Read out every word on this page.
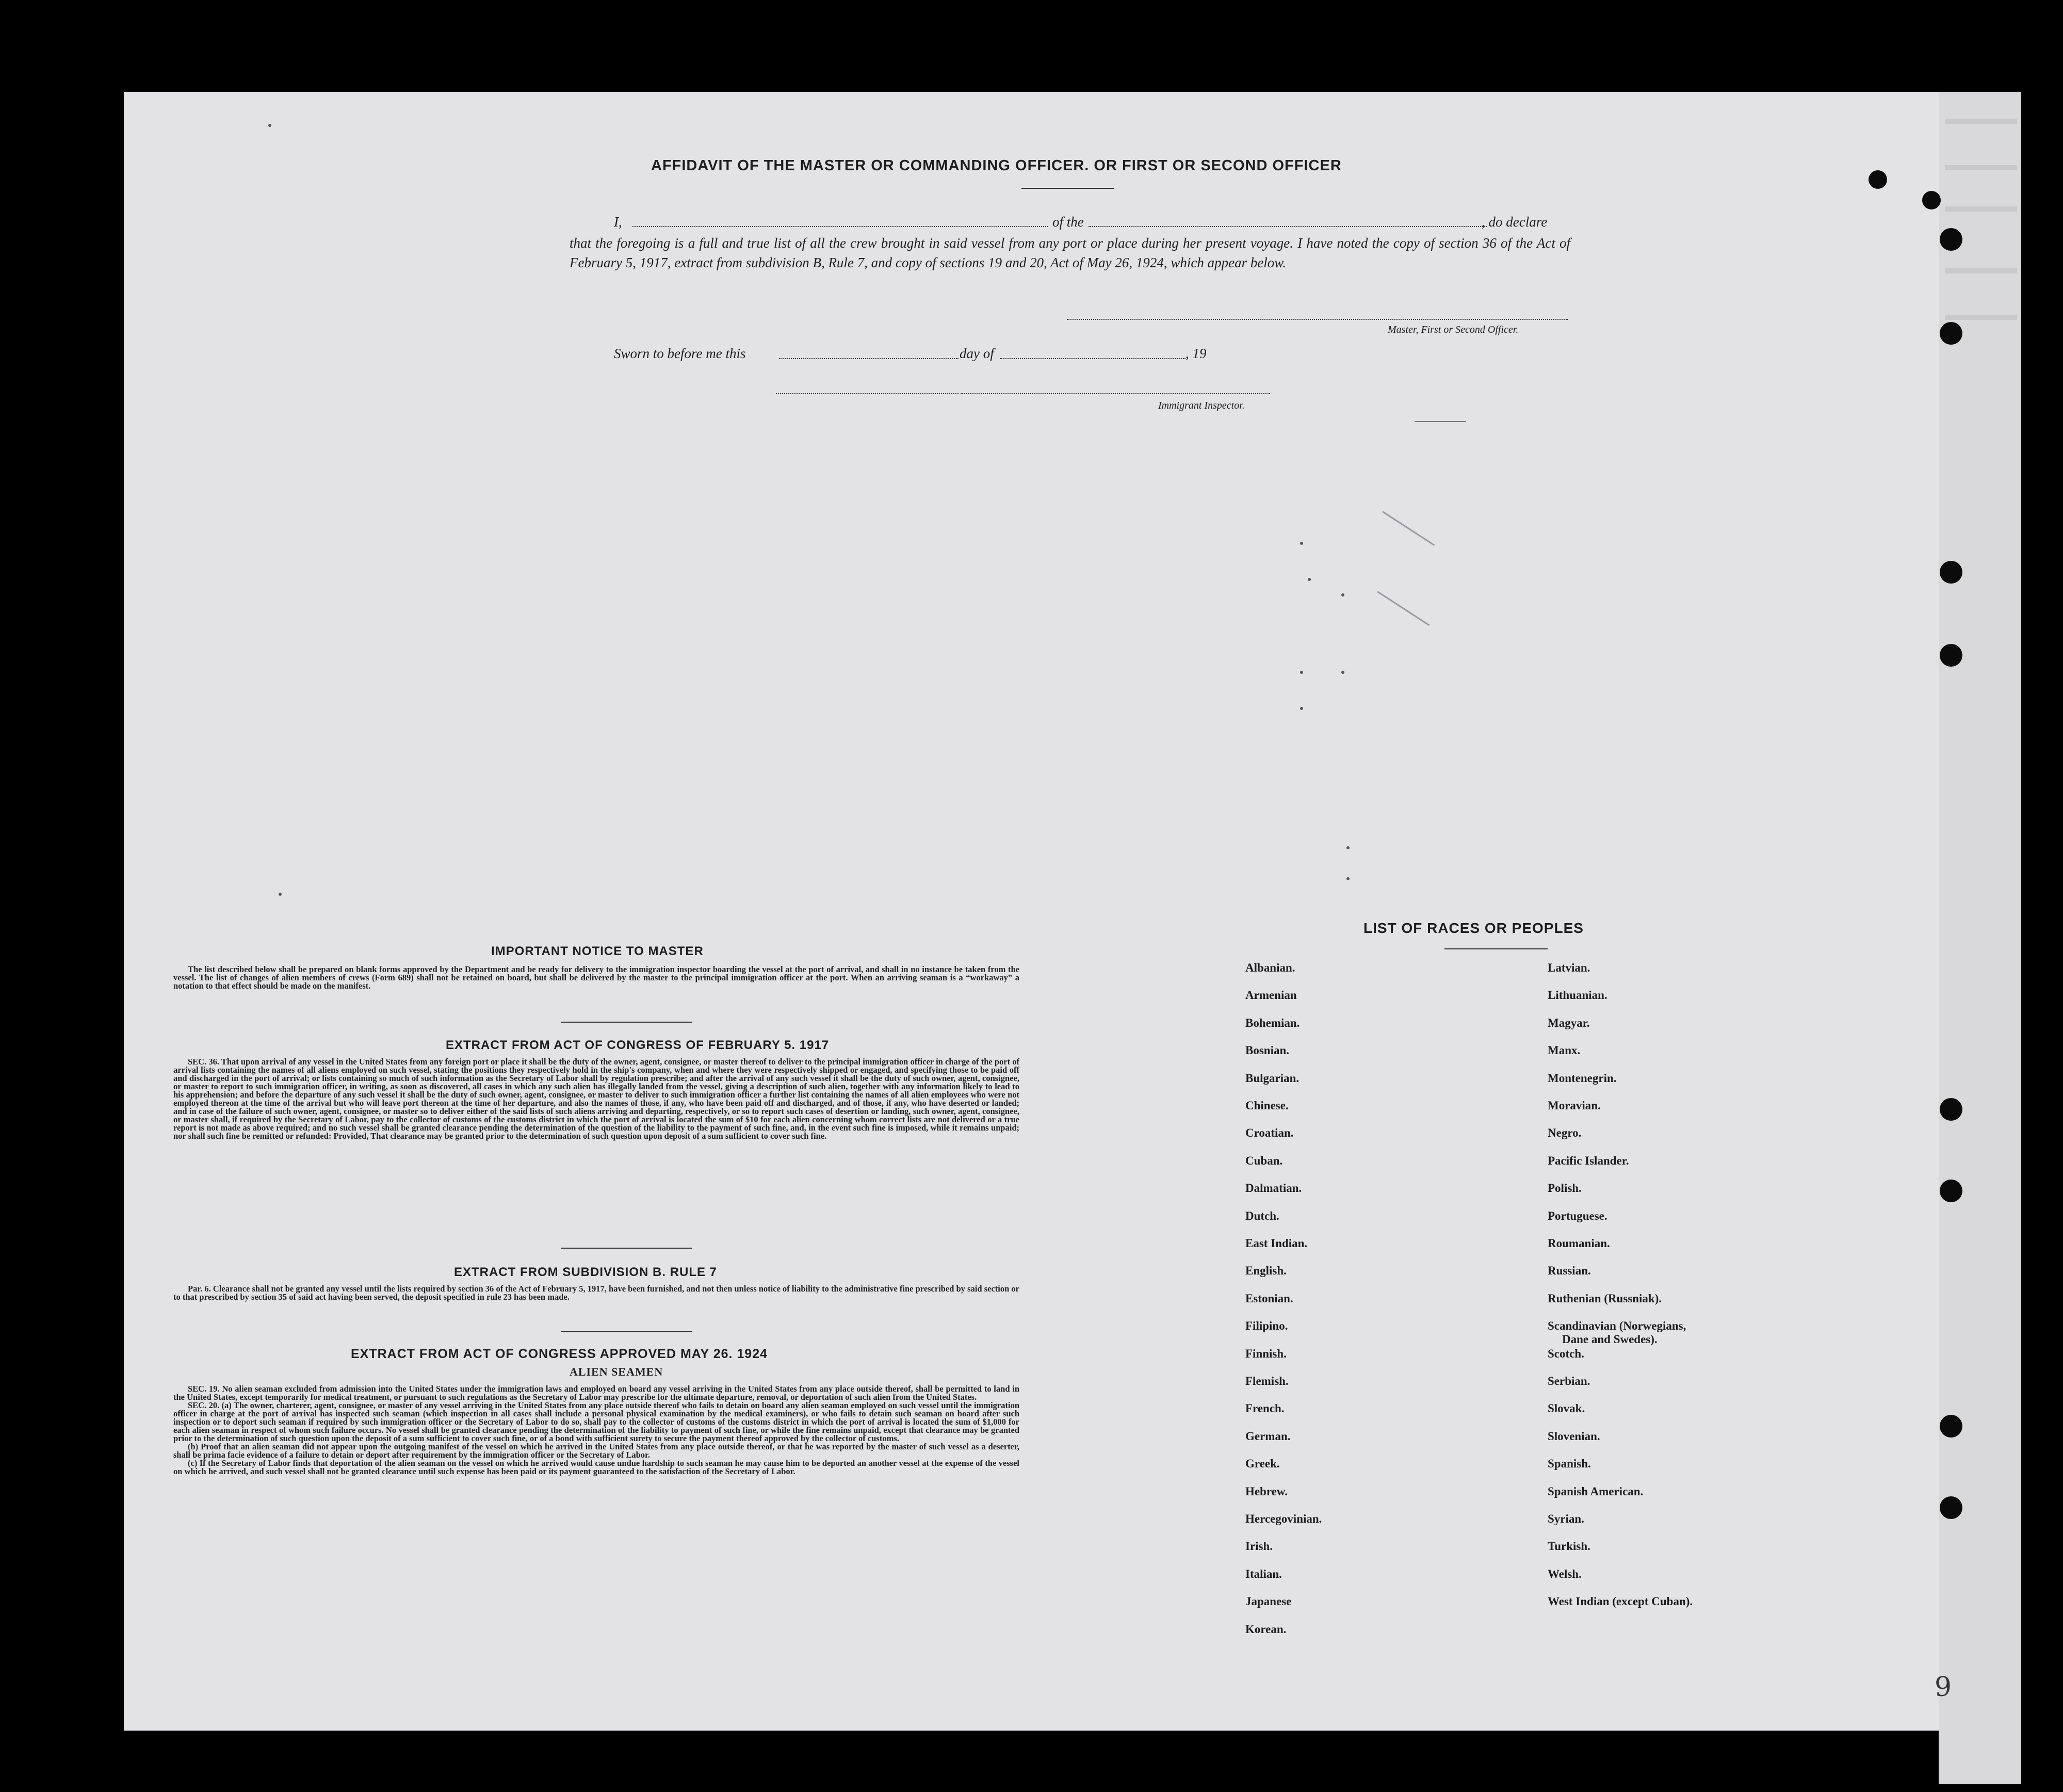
AFFIDAVIT OF THE MASTER OR COMMANDING OFFICER. OR FIRST OR SECOND OFFICER
I,	of the	, do declare
that the foregoing is a full and true list of all the crew brought in said vessel from any port or place during her present voyage. I have noted the copy of section 36 of the Act of February 5, 1917, extract from subdivision B, Rule 7, and copy of sections 19 and 20, Act of May 26, 1924, which appear below.
Master, First or Second Officer.
Sworn to before me this	day of	, 19
Immigrant Inspector.
IMPORTANT NOTICE TO MASTER

The list described below shall be prepared on blank forms approved by the Department and be ready for delivery to the immigration inspector boarding the vessel at the port of arrival, and shall in no instance be taken from the vessel. The list of changes of alien members of crews (Form 689) shall not be retained on board, but shall be delivered by the master to the principal immigration officer at the port. When an arriving seaman is a “workaway” a notation to that effect should be made on the manifest.

EXTRACT FROM ACT OF CONGRESS OF FEBRUARY 5. 1917

SEC. 36. That upon arrival of any vessel in the United States from any foreign port or place it shall be the duty of the owner, agent, consignee, or master thereof to deliver to the principal immigration officer in charge of the port of arrival lists containing the names of all aliens employed on such vessel, stating the positions they respectively hold in the ship's company, when and where they were respectively shipped or engaged, and specifying those to be paid off and discharged in the port of arrival; or lists containing so much of such information as the Secretary of Labor shall by regulation prescribe; and after the arrival of any such vessel it shall be the duty of such owner, agent, consignee, or master to report to such immigration officer, in writing, as soon as discovered, all cases in which any such alien has illegally landed from the vessel, giving a description of such alien, together with any information likely to lead to his apprehension; and before the departure of any such vessel it shall be the duty of such owner, agent, consignee, or master to deliver to such immigration officer a further list containing the names of all alien employees who were not employed thereon at the time of the arrival but who will leave port thereon at the time of her departure, and also the names of those, if any, who have been paid off and discharged, and of those, if any, who have deserted or landed; and in case of the failure of such owner, agent, consignee, or master so to deliver either of the said lists of such aliens arriving and departing, respectively, or so to report such cases of desertion or landing, such owner, agent, consignee, or master shall, if required by the Secretary of Labor, pay to the collector of customs of the customs district in which the port of arrival is located the sum of $10 for each alien concerning whom correct lists are not delivered or a true report is not made as above required; and no such vessel shall be granted clearance pending the determination of the question of the liability to the payment of such fine, and, in the event such fine is imposed, while it remains unpaid; nor shall such fine be remitted or refunded: Provided, That clearance may be granted prior to the determination of such question upon deposit of a sum sufficient to cover such fine.

EXTRACT FROM SUBDIVISION B. RULE 7

Par. 6. Clearance shall not be granted any vessel until the lists required by section 36 of the Act of February 5, 1917, have been furnished, and not then unless notice of liability to the administrative fine prescribed by said section or to that prescribed by section 35 of said act having been served, the deposit specified in rule 23 has been made.

EXTRACT FROM ACT OF CONGRESS APPROVED MAY 26. 1924
ALIEN SEAMEN

SEC. 19. No alien seaman excluded from admission into the United States under the immigration laws and employed on board any vessel arriving in the United States from any place outside thereof, shall be permitted to land in the United States, except temporarily for medical treatment, or pursuant to such regulations as the Secretary of Labor may prescribe for the ultimate departure, removal, or deportation of such alien from the United States.

SEC. 20. (a) The owner, charterer, agent, consignee, or master of any vessel arriving in the United States from any place outside thereof who fails to detain on board any alien seaman employed on such vessel until the immigration officer in charge at the port of arrival has inspected such seaman (which inspection in all cases shall include a personal physical examination by the medical examiners), or who fails to detain such seaman on board after such inspection or to deport such seaman if required by such immigration officer or the Secretary of Labor to do so, shall pay to the collector of customs of the customs district in which the port of arrival is located the sum of $1,000 for each alien seaman in respect of whom such failure occurs. No vessel shall be granted clearance pending the determination of the liability to payment of such fine, or while the fine remains unpaid, except that clearance may be granted prior to the determination of such question upon the deposit of a sum sufficient to cover such fine, or of a bond with sufficient surety to secure the payment thereof approved by the collector of customs.

(b) Proof that an alien seaman did not appear upon the outgoing manifest of the vessel on which he arrived in the United States from any place outside thereof, or that he was reported by the master of such vessel as a deserter, shall be prima facie evidence of a failure to detain or deport after requirement by the immigration officer or the Secretary of Labor.

(c) If the Secretary of Labor finds that deportation of the alien seaman on the vessel on which he arrived would cause undue hardship to such seaman he may cause him to be deported an another vessel at the expense of the vessel on which he arrived, and such vessel shall not be granted clearance until such expense has been paid or its payment guaranteed to the satisfaction of the Secretary of Labor.

LIST OF RACES OR PEOPLES
Albanian.
Armenian
Bohemian.
Bosnian.
Bulgarian.
Chinese.
Croatian.
Cuban.
Dalmatian.
Dutch.
East Indian.
English.
Estonian.
Filipino.
Finnish.
Flemish.
French.
German.
Greek.
Hebrew.
Hercegovinian.
Irish.
Italian.
Japanese
Korean.
Latvian.
Lithuanian.
Magyar.
Manx.
Montenegrin.
Moravian.
Negro.
Pacific Islander.
Polish.
Portuguese.
Roumanian.
Russian.
Ruthenian (Russniak).
Scandinavian (Norwegians,
Dane and Swedes).
Scotch.
Serbian.
Slovak.
Slovenian.
Spanish.
Spanish American.
Syrian.
Turkish.
Welsh.
West Indian (except Cuban).
9
